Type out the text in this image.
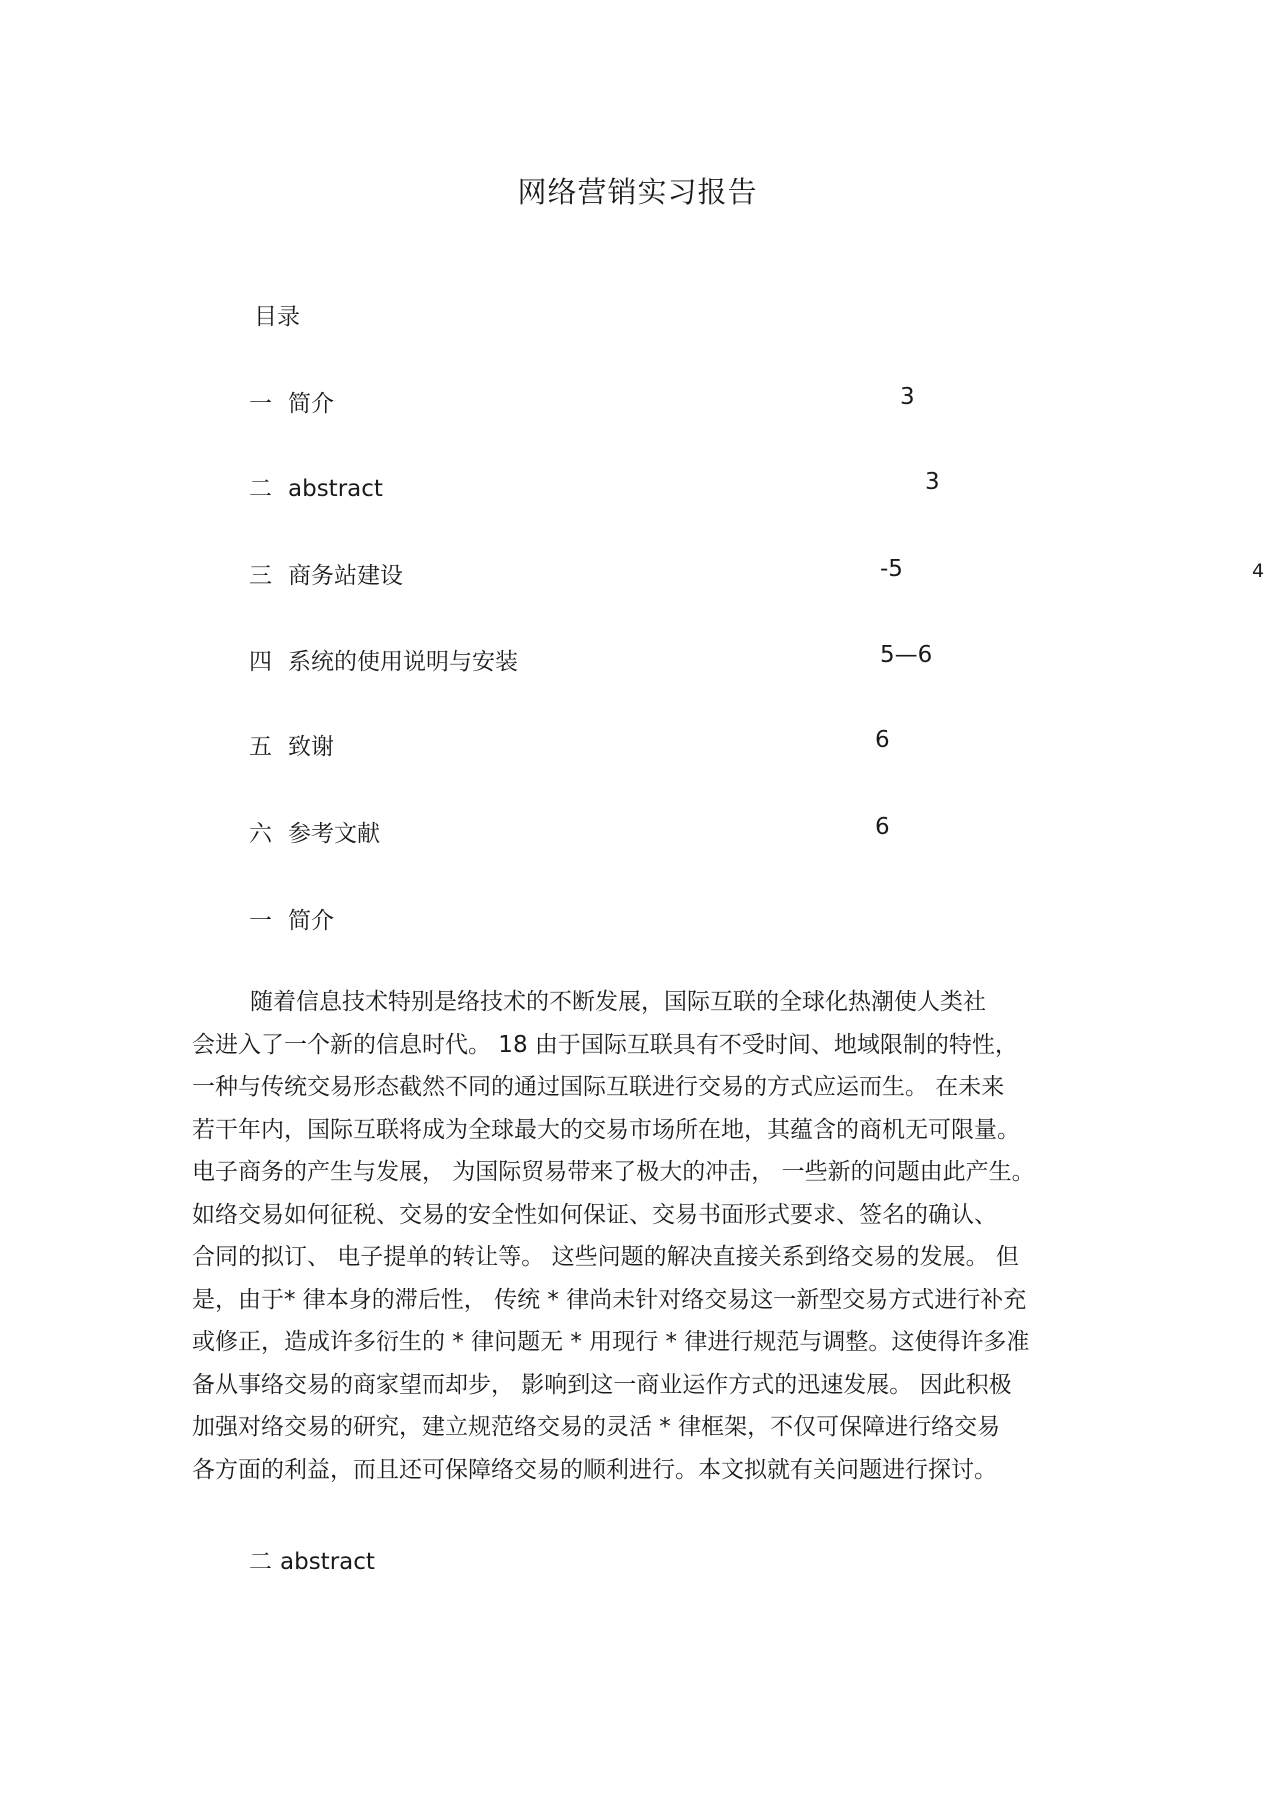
网络营销实习报告
目录
一 简介	3
二 abstract	3
三 商务站建设	-5
四 系统的使用说明与安装	5—6
五 致谢	6
六 参考文献	6
4
一 简介
随着信息技术特别是络技术的不断发展，国际互联的全球化热潮使人类社
会进入了一个新的信息时代。 18 由于国际互联具有不受时间、地域限制的特性，
一种与传统交易形态截然不同的通过国际互联进行交易的方式应运而生。 在未来
若干年内，国际互联将成为全球最大的交易市场所在地，其蕴含的商机无可限量。
电子商务的产生与发展， 为国际贸易带来了极大的冲击， 一些新的问题由此产生。
如络交易如何征税、交易的安全性如何保证、交易书面形式要求、签名的确认、
合同的拟订、 电子提单的转让等。 这些问题的解决直接关系到络交易的发展。 但
是，由于* 律本身的滞后性， 传统 * 律尚未针对络交易这一新型交易方式进行补充
或修正，造成许多衍生的 * 律问题无 * 用现行 * 律进行规范与调整。这使得许多准
备从事络交易的商家望而却步， 影响到这一商业运作方式的迅速发展。 因此积极
加强对络交易的研究，建立规范络交易的灵活 * 律框架，不仅可保障进行络交易
各方面的利益，而且还可保障络交易的顺利进行。本文拟就有关问题进行探讨。
二 abstract
